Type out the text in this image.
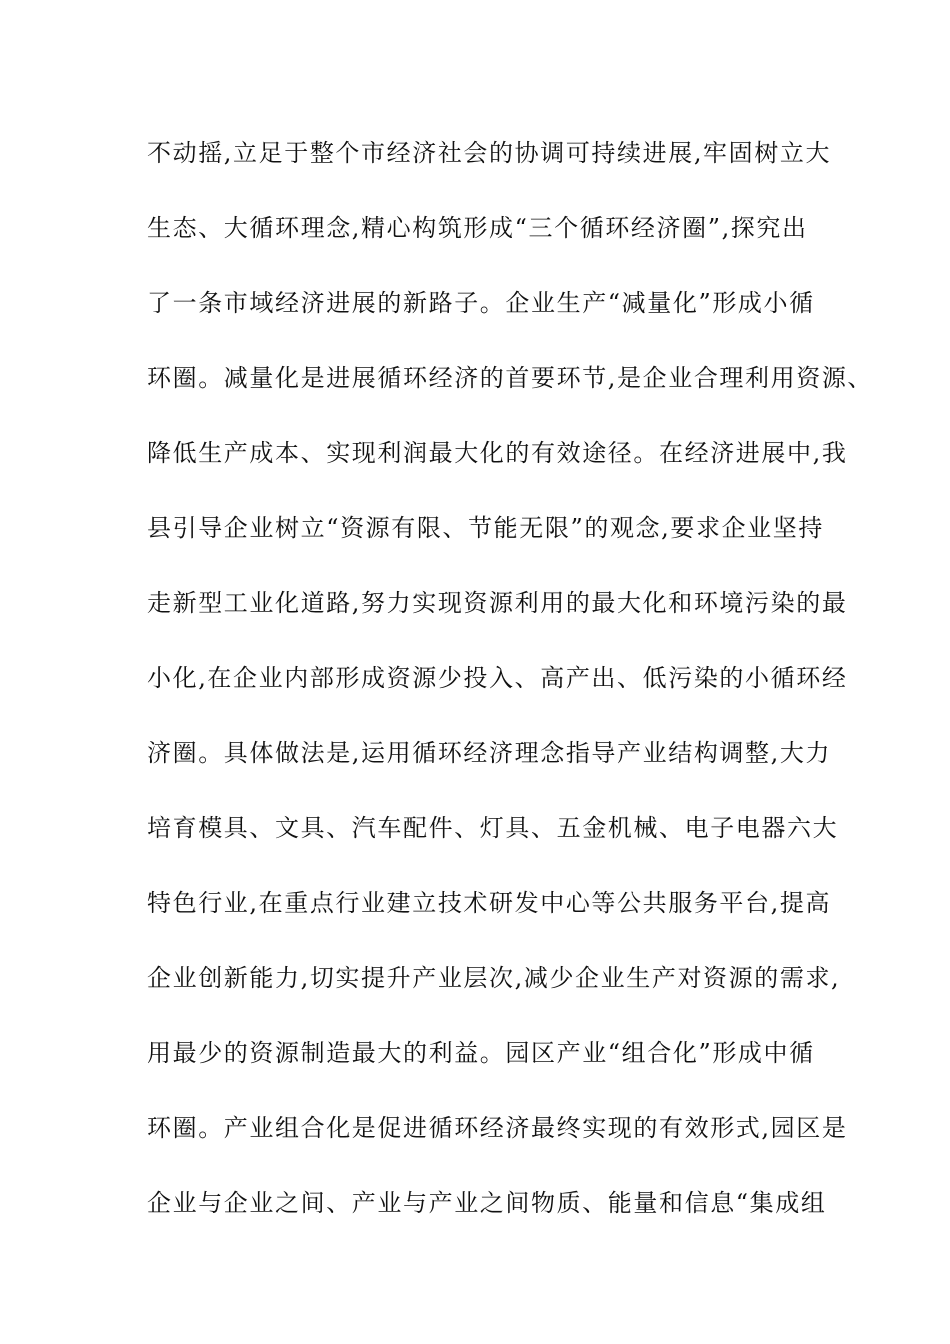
不动摇,立足于整个市经济社会的协调可持续进展,牢固树立大
生态、大循环理念,精心构筑形成“三个循环经济圈”,探究出
了一条市域经济进展的新路子。企业生产“减量化”形成小循
环圈。减量化是进展循环经济的首要环节,是企业合理利用资源、
降低生产成本、实现利润最大化的有效途径。在经济进展中,我
县引导企业树立“资源有限、节能无限”的观念,要求企业坚持
走新型工业化道路,努力实现资源利用的最大化和环境污染的最
小化,在企业内部形成资源少投入、高产出、低污染的小循环经
济圈。具体做法是,运用循环经济理念指导产业结构调整,大力
培育模具、文具、汽车配件、灯具、五金机械、电子电器六大
特色行业,在重点行业建立技术研发中心等公共服务平台,提高
企业创新能力,切实提升产业层次,减少企业生产对资源的需求,
用最少的资源制造最大的利益。园区产业“组合化”形成中循
环圈。产业组合化是促进循环经济最终实现的有效形式,园区是
企业与企业之间、产业与产业之间物质、能量和信息“集成组
